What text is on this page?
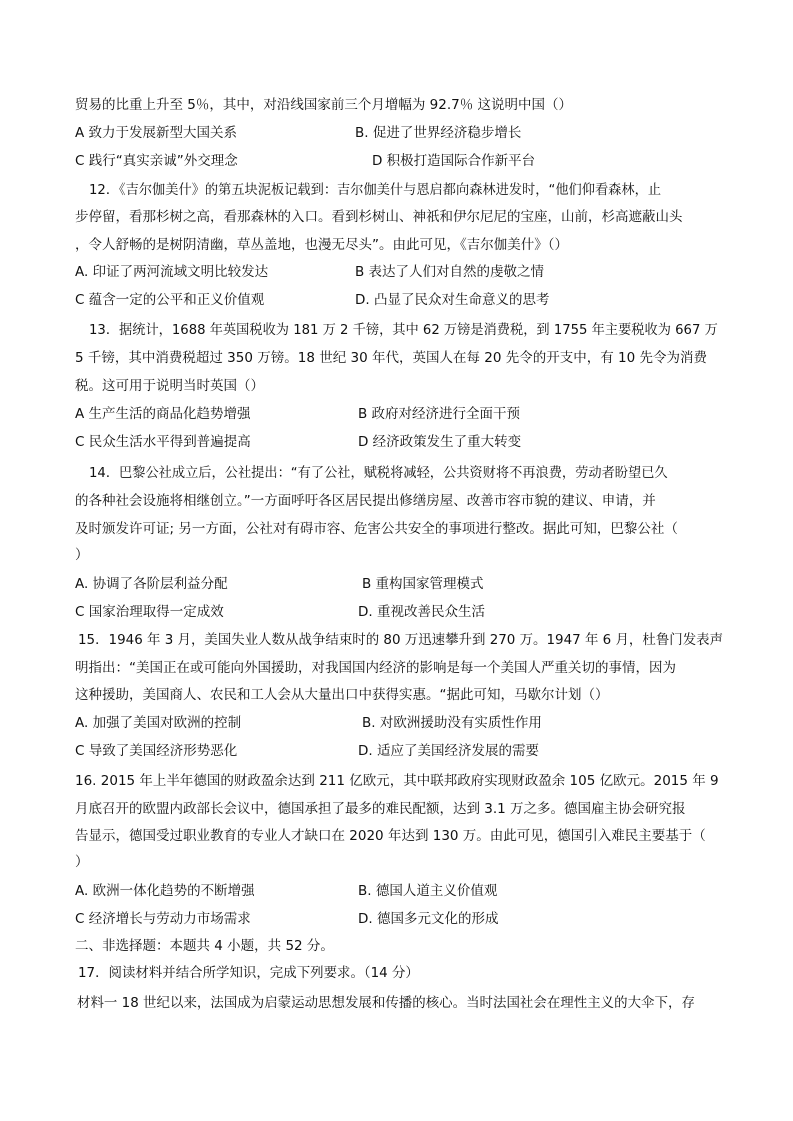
贸易的比重上升至 5％，其中，对沿线国家前三个月增幅为 92.7％ 这说明中国（）
A 致力于发展新型大国关系	B. 促进了世界经济稳步增长
C 践行“真实亲诚”外交理念	D 积极打造国际合作新平台
12．《吉尔伽美什》的第五块泥板记载到：吉尔伽美什与恩启都向森林进发时，“他们仰看森林，止
步停留，看那杉树之高，看那森林的入口。看到杉树山、神祇和伊尔尼尼的宝座，山前，杉高遮蔽山头
，令人舒畅的是树阴清幽，草丛盖地，也漫无尽头”。由此可见，《吉尔伽美什》（）
A. 印证了两河流域文明比较发达	B 表达了人们对自然的虔敬之情
C 蕴含一定的公平和正义价值观	D. 凸显了民众对生命意义的思考
13．据统计，1688 年英国税收为 181 万 2 千镑，其中 62 万镑是消费税，到 1755 年主要税收为 667 万
5 千镑，其中消费税超过 350 万镑。18 世纪 30 年代，英国人在每 20 先令的开支中，有 10 先令为消费
税。这可用于说明当时英国（）
A 生产生活的商品化趋势增强	B 政府对经济进行全面干预
C 民众生活水平得到普遍提高	D 经济政策发生了重大转变
14．巴黎公社成立后，公社提出：“有了公社，赋税将减轻，公共资财将不再浪费，劳动者盼望已久
的各种社会设施将相继创立。”一方面呼吁各区居民提出修缮房屋、改善市容市貌的建议、申请，并
及时颁发许可证; 另一方面，公社对有碍市容、危害公共安全的事项进行整改。据此可知，巴黎公社（
）
A. 协调了各阶层利益分配	B 重构国家管理模式
C 国家治理取得一定成效	D. 重视改善民众生活
15．1946 年 3 月，美国失业人数从战争结束时的 80 万迅速攀升到 270 万。1947 年 6 月，杜鲁门发表声
明指出：“美国正在或可能向外国援助，对我国国内经济的影响是每一个美国人严重关切的事情，因为
这种援助，美国商人、农民和工人会从大量出口中获得实惠。“据此可知，马歇尔计划（）
A. 加强了美国对欧洲的控制	B. 对欧洲援助没有实质性作用
C 导致了美国经济形势恶化	D. 适应了美国经济发展的需要
16. 2015 年上半年德国的财政盈余达到 211 亿欧元，其中联邦政府实现财政盈余 105 亿欧元。2015 年 9
月底召开的欧盟内政部长会议中，德国承担了最多的难民配额，达到 3.1 万之多。德国雇主协会研究报
告显示，德国受过职业教育的专业人才缺口在 2020 年达到 130 万。由此可见，德国引入难民主要基于（
）
A. 欧洲一体化趋势的不断增强	B. 德国人道主义价值观
C 经济增长与劳动力市场需求	D. 德国多元文化的形成
二、非选择题：本题共 4 小题，共 52 分。
17．阅读材料并结合所学知识，完成下列要求。（14 分）
材料一 18 世纪以来，法国成为启蒙运动思想发展和传播的核心。当时法国社会在理性主义的大伞下，存
